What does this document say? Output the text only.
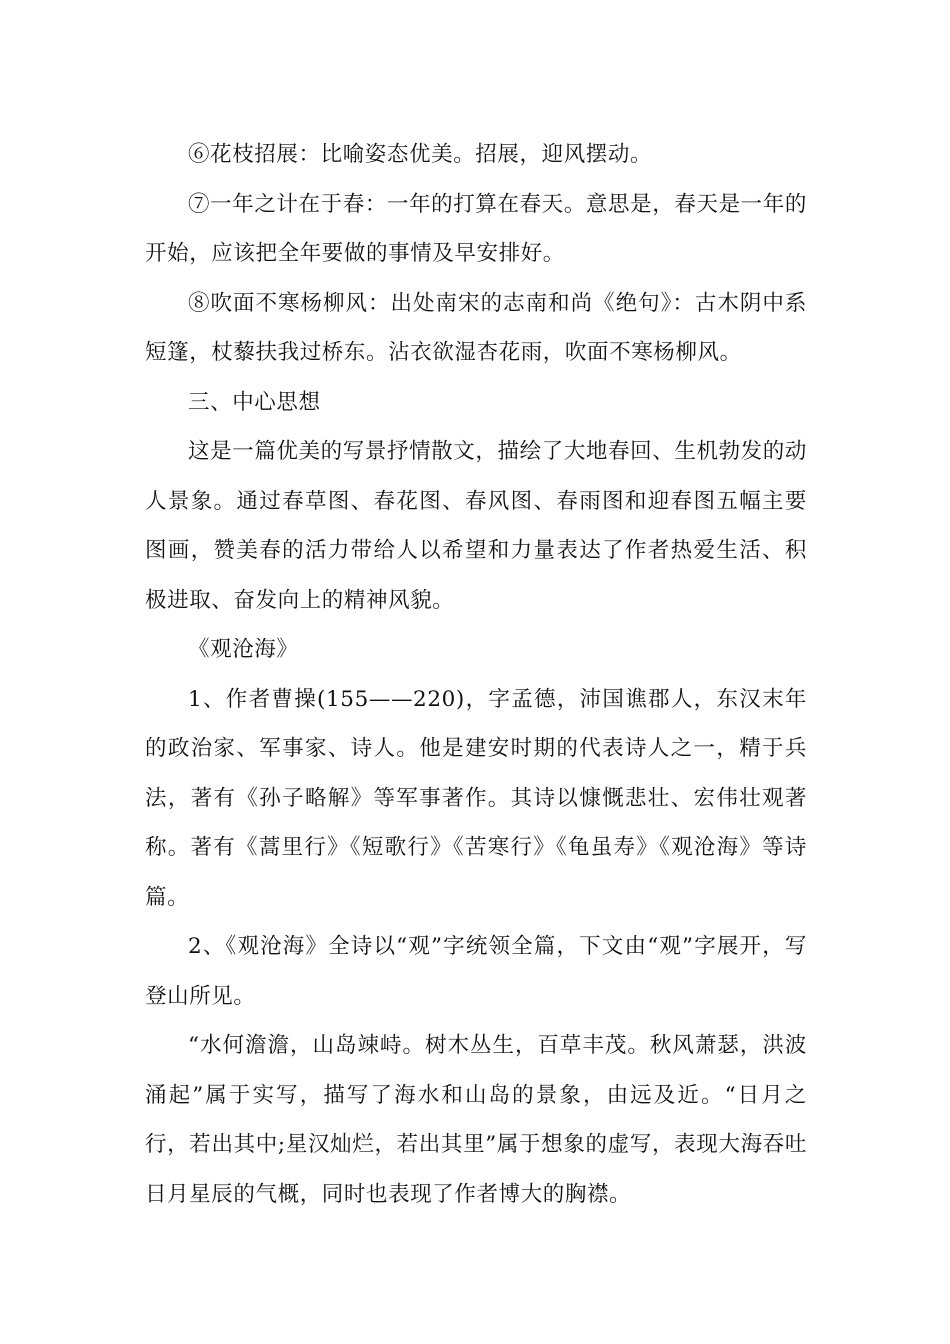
⑥花枝招展：比喻姿态优美。招展，迎风摆动。

⑦一年之计在于春：一年的打算在春天。意思是，春天是一年的开始，应该把全年要做的事情及早安排好。

⑧吹面不寒杨柳风：出处南宋的志南和尚《绝句》：古木阴中系短篷，杖藜扶我过桥东。沾衣欲湿杏花雨，吹面不寒杨柳风。

三、中心思想

这是一篇优美的写景抒情散文，描绘了大地春回、生机勃发的动人景象。通过春草图、春花图、春风图、春雨图和迎春图五幅主要图画，赞美春的活力带给人以希望和力量表达了作者热爱生活、积极进取、奋发向上的精神风貌。

《观沧海》

1、作者曹操(155——220)，字孟德，沛国谯郡人，东汉末年的政治家、军事家、诗人。他是建安时期的代表诗人之一，精于兵法，著有《孙子略解》等军事著作。其诗以慷慨悲壮、宏伟壮观著称。著有《蒿里行》《短歌行》《苦寒行》《龟虽寿》《观沧海》等诗篇。

2、《观沧海》全诗以“观”字统领全篇，下文由“观”字展开，写登山所见。

“水何澹澹，山岛竦峙。树木丛生，百草丰茂。秋风萧瑟，洪波涌起”属于实写，描写了海水和山岛的景象，由远及近。“日月之行，若出其中;星汉灿烂，若出其里”属于想象的虚写，表现大海吞吐日月星辰的气概，同时也表现了作者博大的胸襟。
